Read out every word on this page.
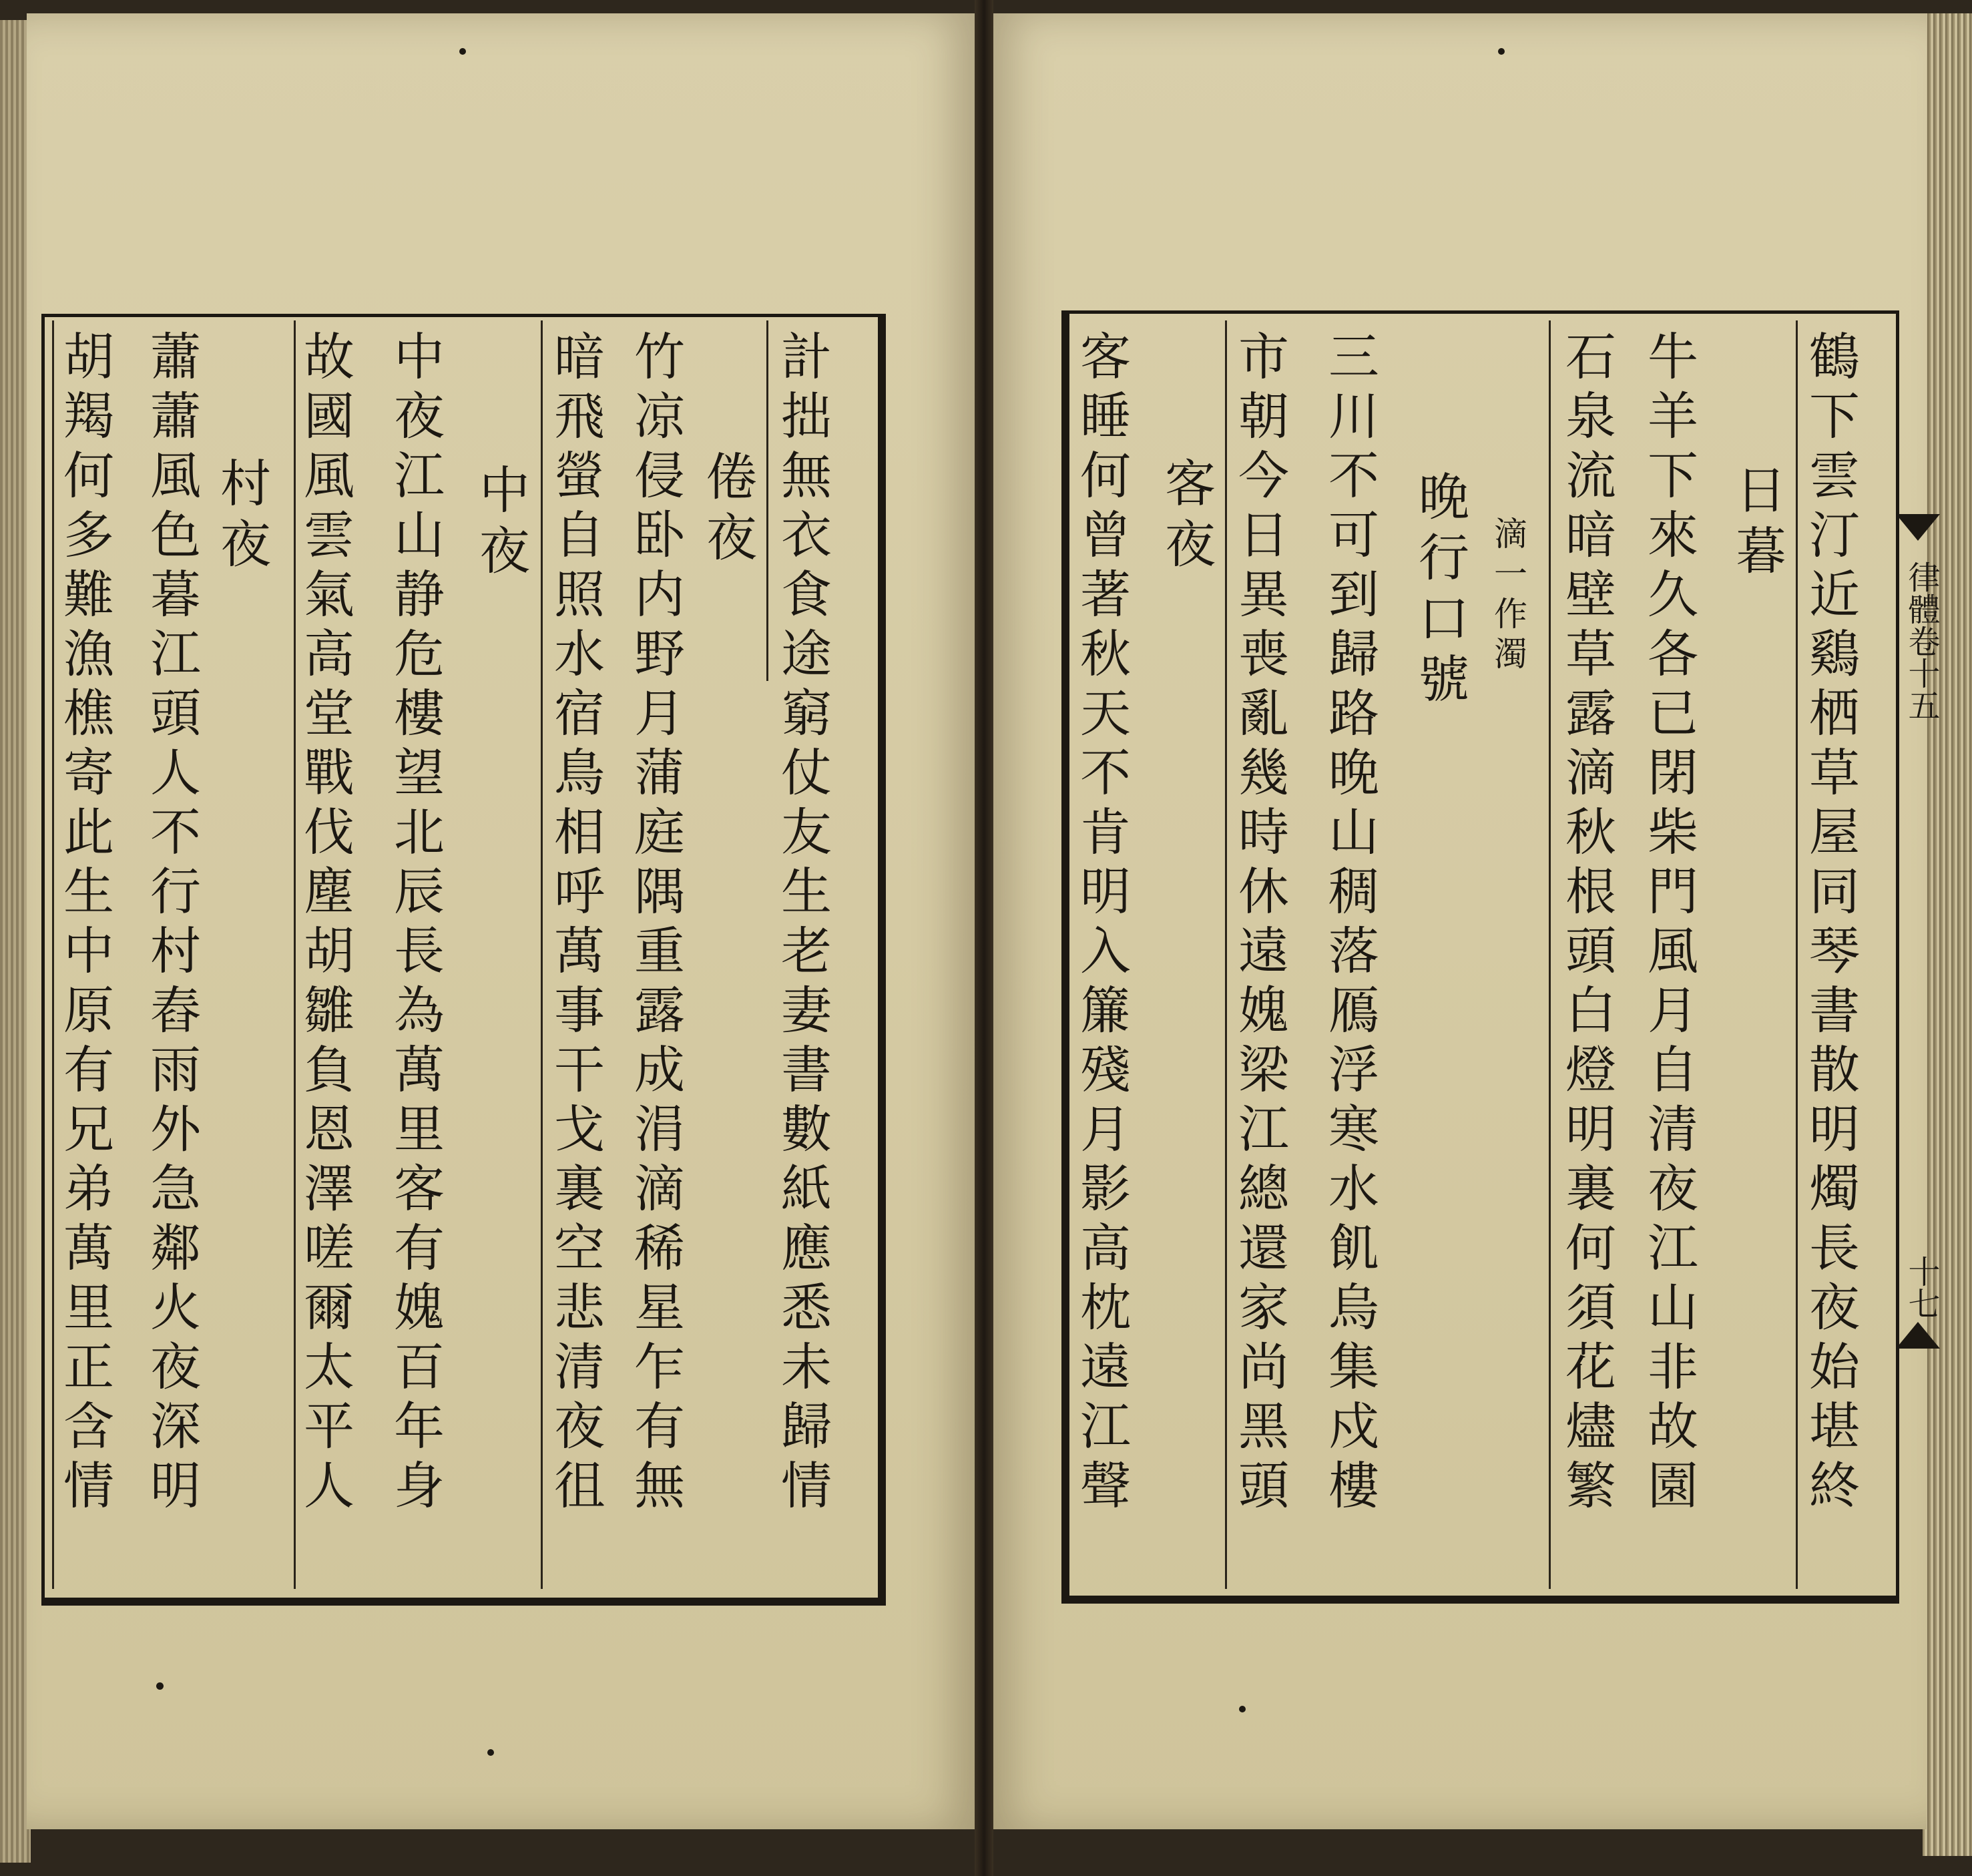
計
拙
無
衣
食
途
窮
仗
友
生
老
妻
書
數
紙
應
悉
未
歸
情
倦
夜
竹
凉
侵
卧
内
野
月
蒲
庭
隅
重
露
成
涓
滴
稀
星
乍
有
無
暗
飛
螢
自
照
水
宿
鳥
相
呼
萬
事
干
戈
裏
空
悲
清
夜
徂
中
夜
中
夜
江
山
静
危
樓
望
北
辰
長
為
萬
里
客
有
媿
百
年
身
故
國
風
雲
氣
高
堂
戰
伐
塵
胡
雛
負
恩
澤
嗟
爾
太
平
人
村
夜
蕭
蕭
風
色
暮
江
頭
人
不
行
村
舂
雨
外
急
鄰
火
夜
深
明
胡
羯
何
多
難
漁
樵
寄
此
生
中
原
有
兄
弟
萬
里
正
含
情
律體卷十五
十七
鶴
下
雲
汀
近
鷄
栖
草
屋
同
琴
書
散
明
燭
長
夜
始
堪
終
日
暮
牛
羊
下
來
久
各
已
閉
柴
門
風
月
自
清
夜
江
山
非
故
園
石
泉
流
暗
壁
草
露
滴
秋
根
頭
白
燈
明
裏
何
須
花
燼
繁
晚
行
口
號
滴
一
作
濁
三
川
不
可
到
歸
路
晚
山
稠
落
鴈
浮
寒
水
飢
烏
集
戍
樓
市
朝
今
日
異
喪
亂
幾
時
休
遠
媿
梁
江
總
還
家
尚
黑
頭
客
夜
客
睡
何
曾
著
秋
天
不
肯
明
入
簾
殘
月
影
高
枕
遠
江
聲
